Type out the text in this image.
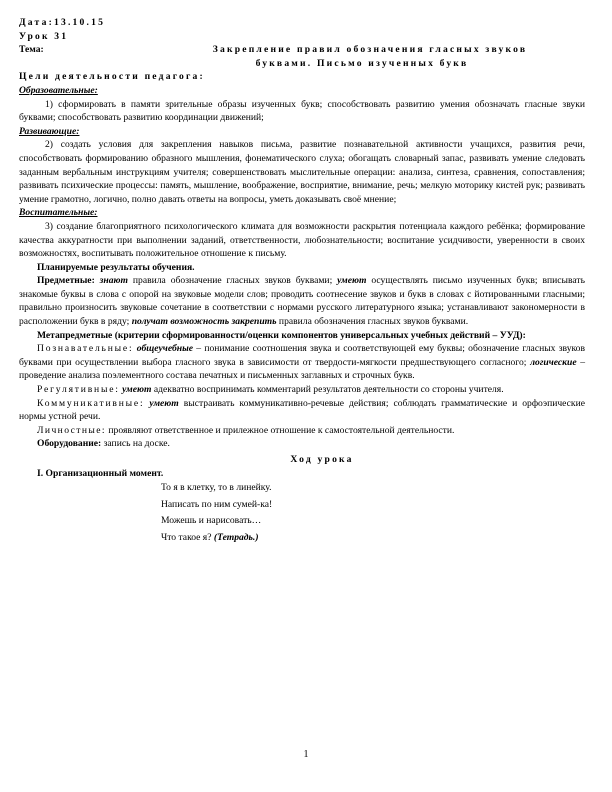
Дата:13.10.15
Урок 31
Тема:	Закрепление правил обозначения гласных звуков
буквами. Письмо изученных букв
Цели деятельности педагога:
Образовательные:

1) сформировать в памяти зрительные образы изученных букв; способствовать развитию умения обозначать гласные звуки буквами; способствовать развитию координации движений;

Развивающие:

2) создать условия для закрепления навыков письма, развитие познавательной активности учащихся, развития речи, способствовать формированию образного мышления, фонематического слуха; обогащать словарный запас, развивать умение следовать заданным вербальным инструкциям учителя; совершенствовать мыслительные операции: анализа, синтеза, сравнения, сопоставления; развивать психические процессы: память, мышление, воображение, восприятие, внимание, речь; мелкую моторику кистей рук; развивать умение грамотно, логично, полно давать ответы на вопросы, уметь доказывать своё мнение;

Воспитательные:

3) создание благоприятного психологического климата для возможности раскрытия потенциала каждого ребёнка; формирование качества аккуратности при выполнении заданий, ответственности, любознательности; воспитание усидчивости, уверенности в своих возможностях, воспитывать положительное отношение к письму.

Планируемые результаты обучения.

Предметные: знают правила обозначение гласных звуков буквами; умеют осуществлять письмо изученных букв; вписывать знакомые буквы в слова с опорой на звуковые модели слов; проводить соотнесение звуков и букв в словах с йотированными гласными; правильно произносить звуковые сочетание в соответствии с нормами русского литературного языка; устанавливают закономерности в расположении букв в ряду; получат возможность закрепить правила обозначения гласных звуков буквами.

Метапредметные (критерии сформированности/оценки компонентов универсальных учебных действий – УУД):

Познавательные: общеучебные – понимание соотношения звука и соответствующей ему буквы; обозначение гласных звуков буквами при осуществлении выбора гласного звука в зависимости от твердости-мягкости предшествующего согласного; логические – проведение анализа поэлементного состава печатных и письменных заглавных и строчных букв.

Регулятивные: умеют адекватно воспринимать комментарий результатов деятельности со стороны учителя.

Коммуникативные: умеют выстраивать коммуникативно-речевые действия; соблюдать грамматические и орфоэпические нормы устной речи.

Личностные: проявляют ответственное и прилежное отношение к самостоятельной деятельности.

Оборудование: запись на доске.

Ход урока
I. Организационный момент.
То я в клетку, то в линейку.
Написать по ним сумей-ка!
Можешь и нарисовать…
Что такое я? (Тетрадь.)
1
